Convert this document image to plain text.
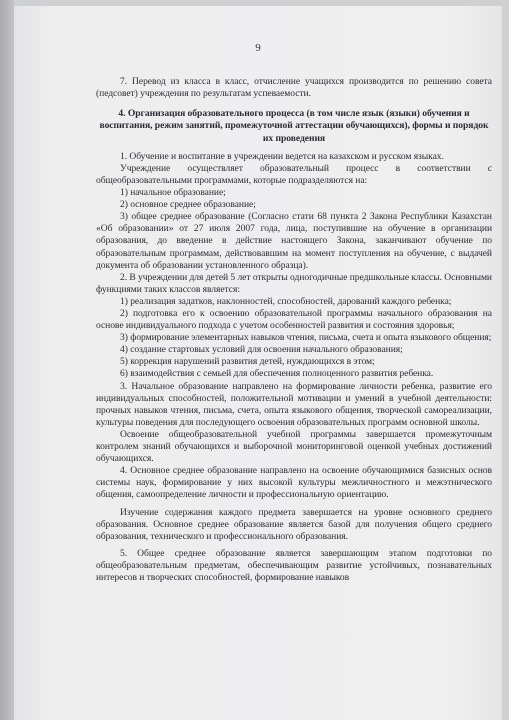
9

7. Перевод из класса в класс, отчисление учащихся производится по решению совета (педсовет) учреждения по результатам успеваемости.

4. Организация образовательного процесса (в том числе язык (языки) обучения и воспитания, режим занятий, промежуточной аттестации обучающихся), формы и порядок их проведения

1. Обучение и воспитание в учреждении ведется на казахском и русском языках.

Учреждение осуществляет образовательный процесс в соответствии с общеобразовательными программами, которые подразделяются на:

1) начальное образование;

2) основное среднее образование;

3) общее среднее образование (Согласно стати 68 пункта 2 Закона Республики Казахстан «Об образовании» от 27 июля 2007 года, лица, поступившие на обучение в организации образования, до введение в действие настоящего Закона, заканчивают обучение по образовательным программам, действовавшим на момент поступления на обучение, с выдачей документа об образовании установленного образца).

2. В учреждении для детей 5 лет открыты одногодичные предшкольные классы. Основными функциями таких классов является:

1) реализация задатков, наклонностей, способностей, дарований каждого ребенка;

2) подготовка его к освоению образовательной программы начального образования на основе индивидуального подхода с учетом особенностей развития и состояния здоровья;

3) формирование элементарных навыков чтения, письма, счета и опыта языкового общения;

4) создание стартовых условий для освоения начального образования;

5) коррекция нарушений развития детей, нуждающихся в этом;

6) взаимодействия с семьей для обеспечения полноценного развития ребенка.

3. Начальное образование направлено на формирование личности ребенка, развитие его индивидуальных способностей, положительной мотивации и умений в учебной деятельности: прочных навыков чтения, письма, счета, опыта языкового общения, творческой самореализации, культуры поведения для последующего освоения образовательных программ основной школы.

Освоение общеобразовательной учебной программы завершается промежуточным контролем знаний обучающихся и выборочной мониторинговой оценкой учебных достижений обучающихся.

4. Основное среднее образование направлено на освоение обучающимися базисных основ системы наук, формирование у них высокой культуры межличностного и межэтнического общения, самоопределение личности и профессиональную ориентацию.

Изучение содержания каждого предмета завершается на уровне основного среднего образования. Основное среднее образование является базой для получения общего среднего образования, технического и профессионального образования.

5. Общее среднее образование является завершающим этапом подготовки по общеобразовательным предметам, обеспечивающим развитие устойчивых, познавательных интересов и творческих способностей, формирование навыков
